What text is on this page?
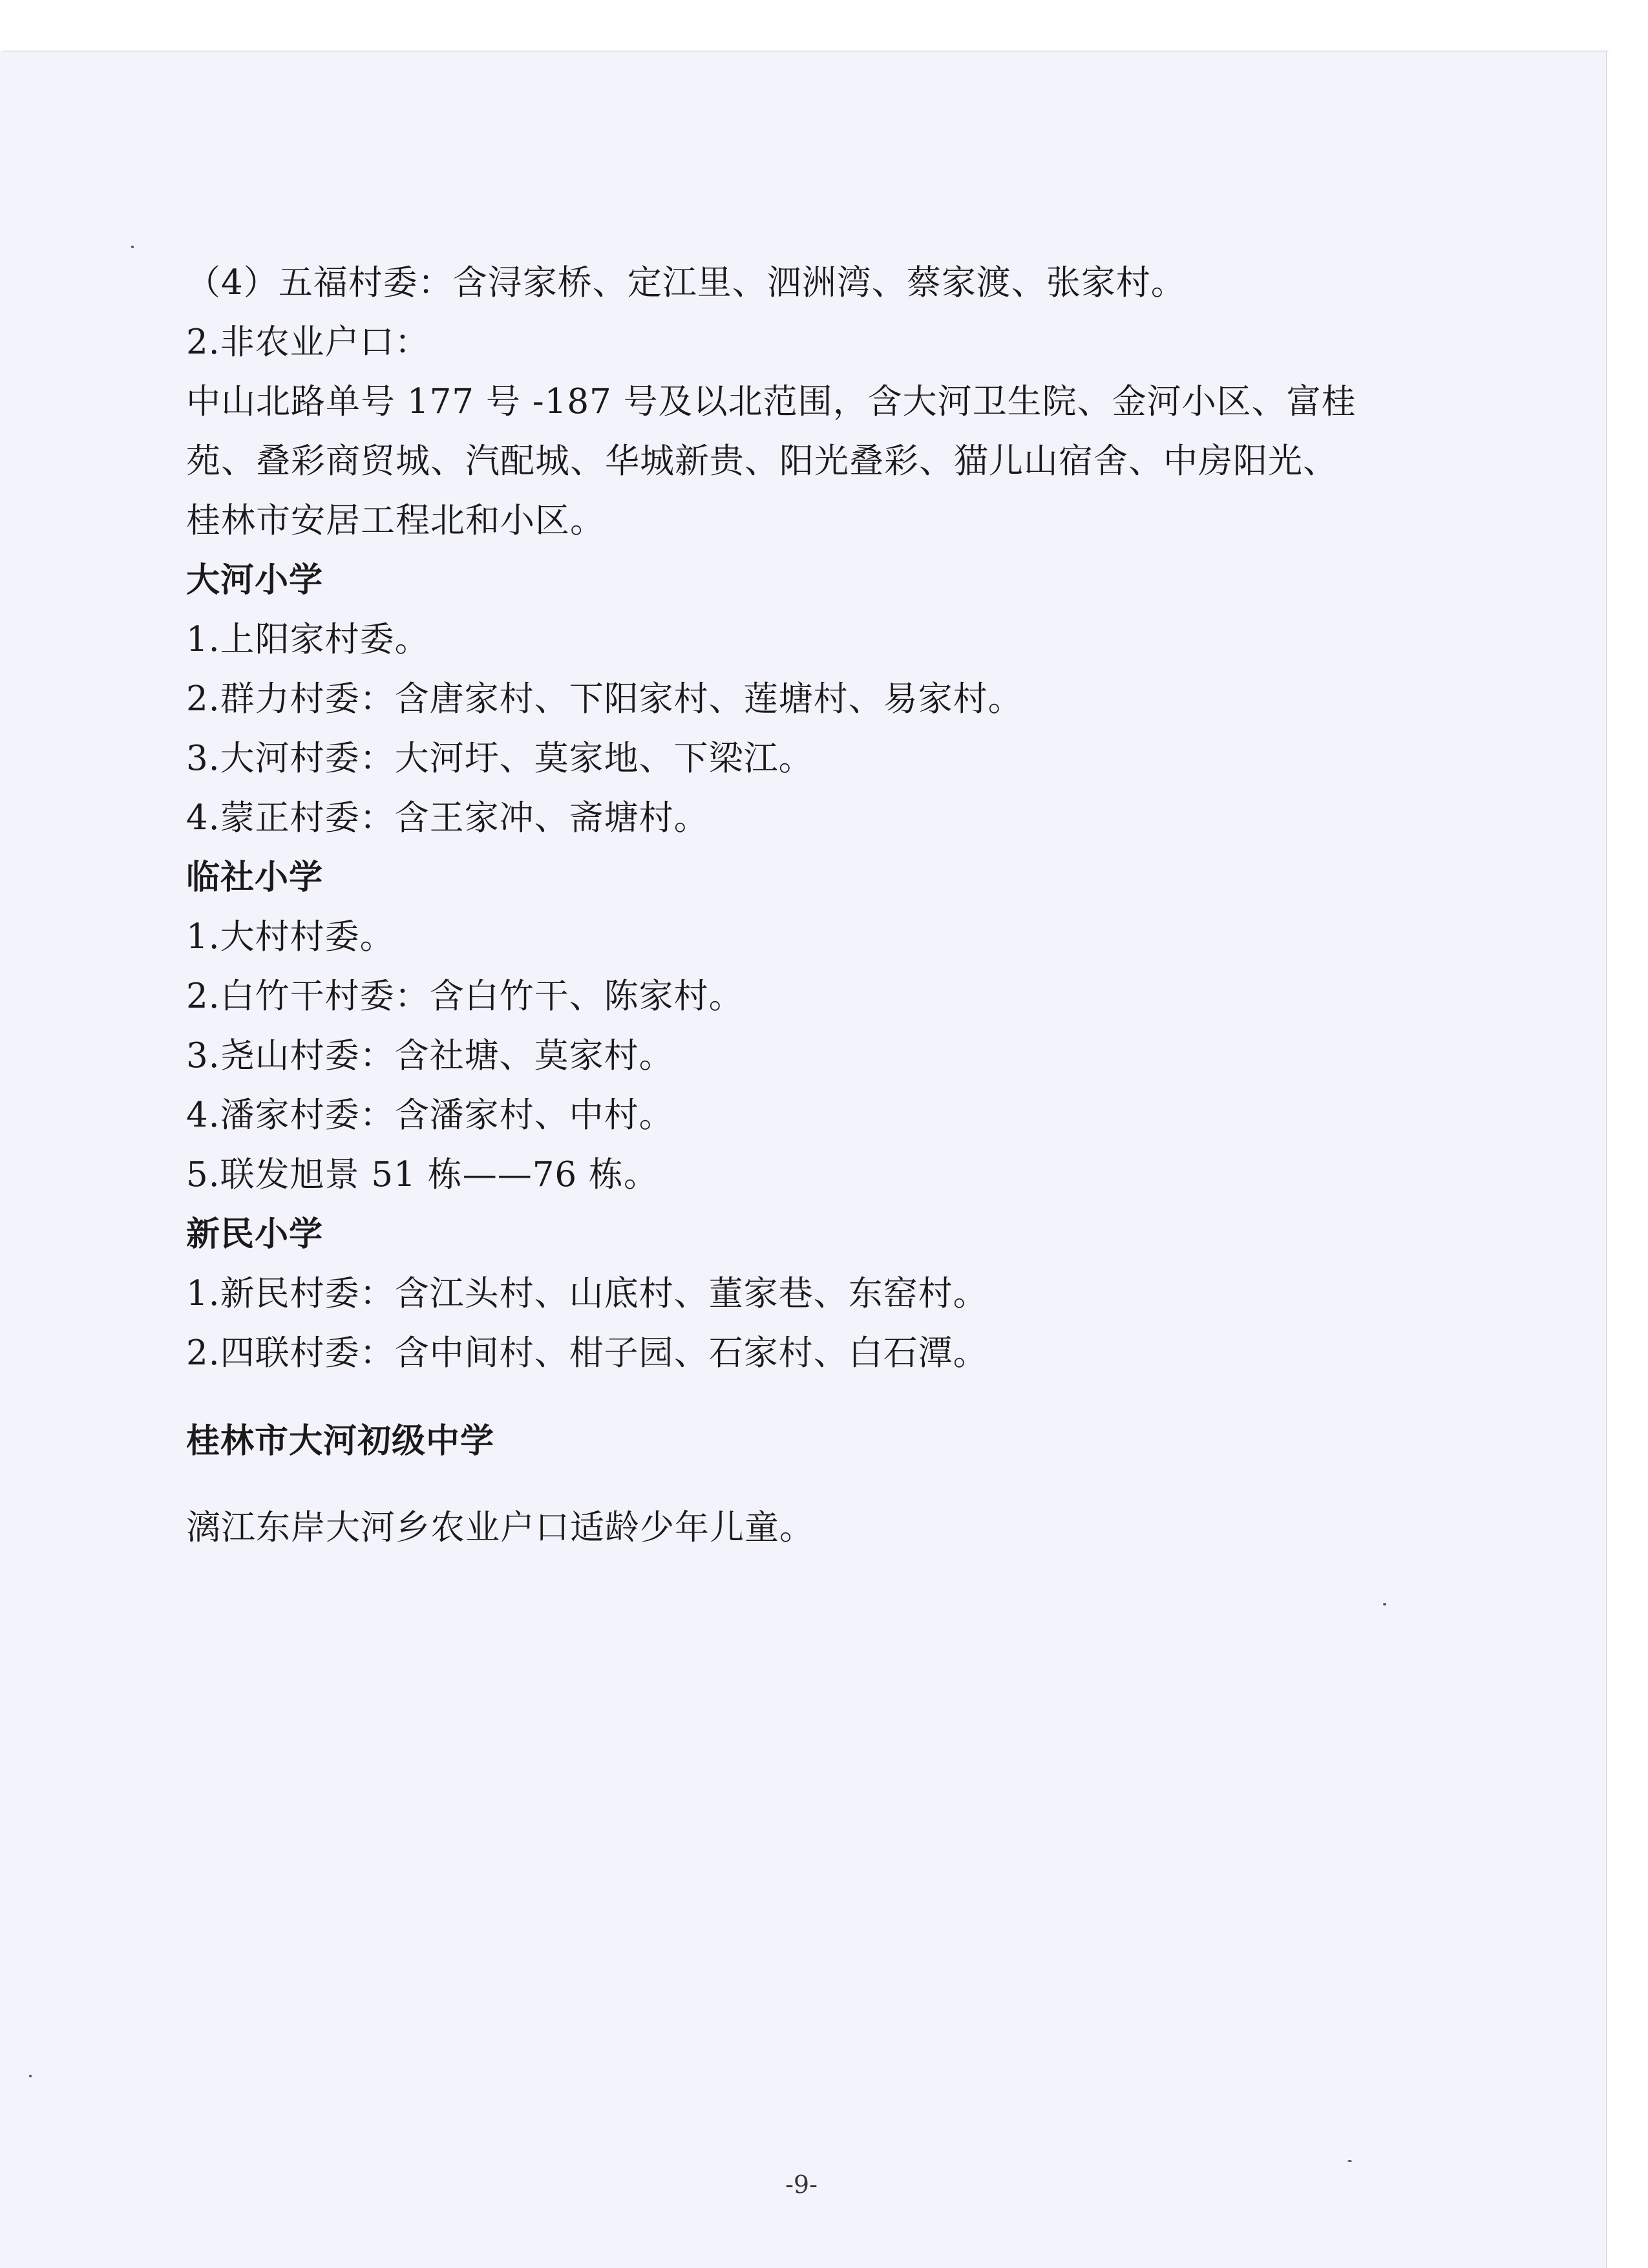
（4）五福村委：含浔家桥、定江里、泗洲湾、蔡家渡、张家村。
2.非农业户口：
中山北路单号 177 号 -187 号及以北范围，含大河卫生院、金河小区、富桂
苑、叠彩商贸城、汽配城、华城新贵、阳光叠彩、猫儿山宿舍、中房阳光、
桂林市安居工程北和小区。
大河小学
1.上阳家村委。
2.群力村委：含唐家村、下阳家村、莲塘村、易家村。
3.大河村委：大河圩、莫家地、下梁江。
4.蒙正村委：含王家冲、斋塘村。
临社小学
1.大村村委。
2.白竹干村委：含白竹干、陈家村。
3.尧山村委：含社塘、莫家村。
4.潘家村委：含潘家村、中村。
5.联发旭景 51 栋——76 栋。
新民小学
1.新民村委：含江头村、山底村、董家巷、东窑村。
2.四联村委：含中间村、柑子园、石家村、白石潭。
桂林市大河初级中学
漓江东岸大河乡农业户口适龄少年儿童。
-9-
